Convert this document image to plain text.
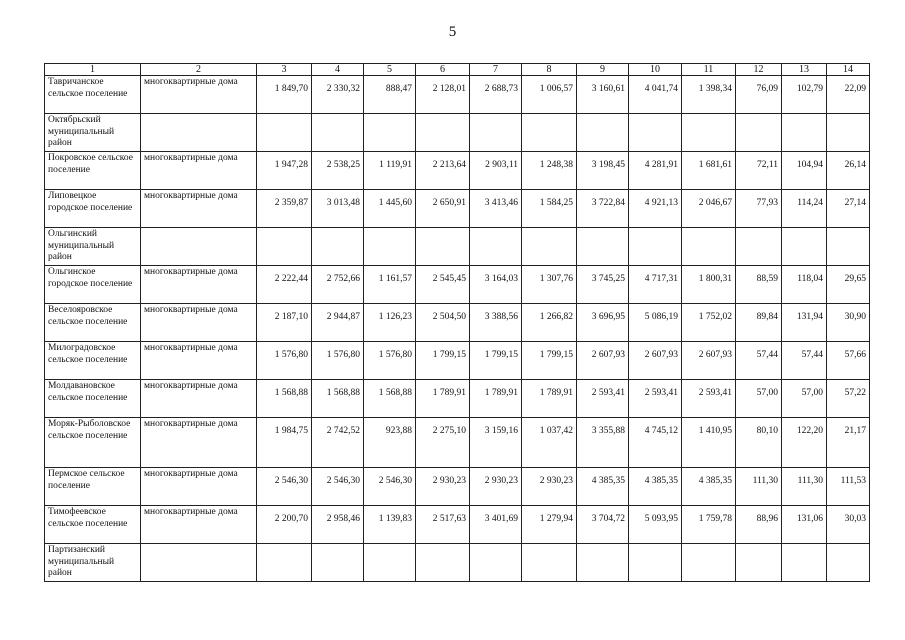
5
1	2	3	4	5	6	7	8	9	10	11	12	13	14
Тавричанское сельское поселение	многоквартирные дома	1 849,70	2 330,32	888,47	2 128,01	2 688,73	1 006,57	3 160,61	4 041,74	1 398,34	76,09	102,79	22,09
Октябрьский муниципальный район													
Покровское сельское поселение	многоквартирные дома	1 947,28	2 538,25	1 119,91	2 213,64	2 903,11	1 248,38	3 198,45	4 281,91	1 681,61	72,11	104,94	26,14
Липовецкое городское поселение	многоквартирные дома	2 359,87	3 013,48	1 445,60	2 650,91	3 413,46	1 584,25	3 722,84	4 921,13	2 046,67	77,93	114,24	27,14
Ольгинский муниципальный район													
Ольгинское городское поселение	многоквартирные дома	2 222,44	2 752,66	1 161,57	2 545,45	3 164,03	1 307,76	3 745,25	4 717,31	1 800,31	88,59	118,04	29,65
Веселояровское сельское поселение	многоквартирные дома	2 187,10	2 944,87	1 126,23	2 504,50	3 388,56	1 266,82	3 696,95	5 086,19	1 752,02	89,84	131,94	30,90
Милоградовское сельское поселение	многоквартирные дома	1 576,80	1 576,80	1 576,80	1 799,15	1 799,15	1 799,15	2 607,93	2 607,93	2 607,93	57,44	57,44	57,66
Молдавановское сельское поселение	многоквартирные дома	1 568,88	1 568,88	1 568,88	1 789,91	1 789,91	1 789,91	2 593,41	2 593,41	2 593,41	57,00	57,00	57,22
Моряк-Рыболовское сельское поселение	многоквартирные дома	1 984,75	2 742,52	923,88	2 275,10	3 159,16	1 037,42	3 355,88	4 745,12	1 410,95	80,10	122,20	21,17
Пермское сельское поселение	многоквартирные дома	2 546,30	2 546,30	2 546,30	2 930,23	2 930,23	2 930,23	4 385,35	4 385,35	4 385,35	111,30	111,30	111,53
Тимофеевское сельское поселение	многоквартирные дома	2 200,70	2 958,46	1 139,83	2 517,63	3 401,69	1 279,94	3 704,72	5 093,95	1 759,78	88,96	131,06	30,03
Партизанский муниципальный район													
